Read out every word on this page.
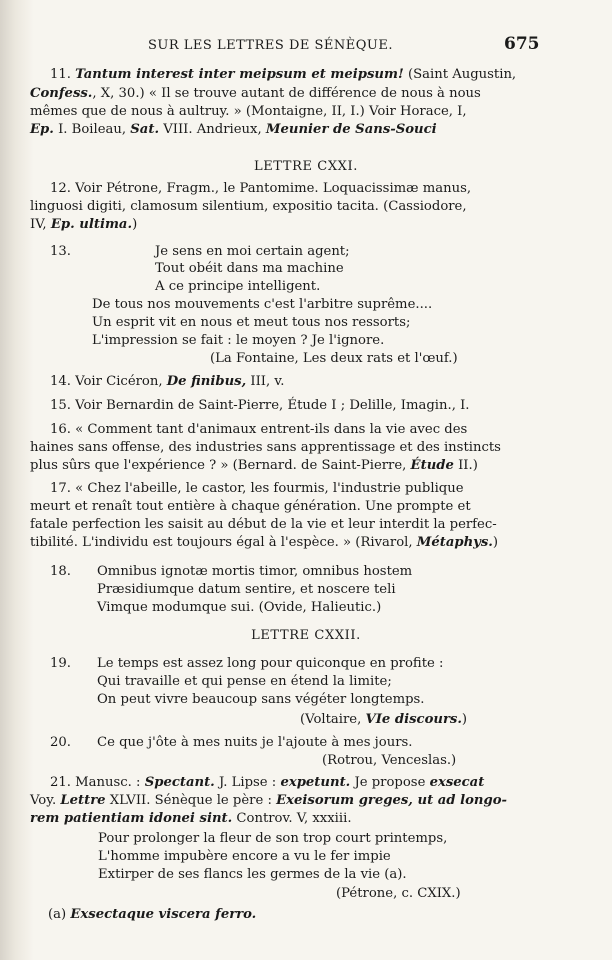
SUR LES LETTRES DE SÉNÈQUE.	675
11. Tantum interest inter meipsum et meipsum! (Saint Augustin,
Confess., X, 30.) « Il se trouve autant de différence de nous à nous
mêmes que de nous à aultruy. » (Montaigne, II, I.) Voir Horace, I,
Ep. I. Boileau, Sat. VIII. Andrieux, Meunier de Sans-Souci
LETTRE CXXI.
12. Voir Pétrone, Fragm., le Pantomime. Loquacissimæ manus,
linguosi digiti, clamosum silentium, expositio tacita. (Cassiodore,
IV, Ep. ultima.)
13.	Je sens en moi certain agent;
Tout obéit dans ma machine
A ce principe intelligent.
De tous nos mouvements c'est l'arbitre suprême....
Un esprit vit en nous et meut tous nos ressorts;
L'impression se fait : le moyen ? Je l'ignore.
(La Fontaine, Les deux rats et l'œuf.)
14. Voir Cicéron, De finibus, III, v.
15. Voir Bernardin de Saint-Pierre, Étude I ; Delille, Imagin., I.
16. « Comment tant d'animaux entrent-ils dans la vie avec des
haines sans offense, des industries sans apprentissage et des instincts
plus sûrs que l'expérience ? » (Bernard. de Saint-Pierre, Étude II.)
17. « Chez l'abeille, le castor, les fourmis, l'industrie publique
meurt et renaît tout entière à chaque génération. Une prompte et
fatale perfection les saisit au début de la vie et leur interdit la perfec-
tibilité. L'individu est toujours égal à l'espèce. » (Rivarol, Métaphys.)
18. Omnibus ignotæ mortis timor, omnibus hostem
Præsidiumque datum sentire, et noscere teli
Vimque modumque sui. (Ovide, Halieutic.)
LETTRE CXXII.
19. Le temps est assez long pour quiconque en profite :
Qui travaille et qui pense en étend la limite;
On peut vivre beaucoup sans végéter longtemps.
(Voltaire, VIe discours.)
20. Ce que j'ôte à mes nuits je l'ajoute à mes jours.
(Rotrou, Venceslas.)
21. Manusc. : Spectant. J. Lipse : expetunt. Je propose exsecat
Voy. Lettre XLVII. Sénèque le père : Exeisorum greges, ut ad longo-
rem patientiam idonei sint. Controv. V, xxxiii.
Pour prolonger la fleur de son trop court printemps,
L'homme impubère encore a vu le fer impie
Extirper de ses flancs les germes de la vie (a).
(Pétrone, c. CXIX.)
(a) Exsectaque viscera ferro.
